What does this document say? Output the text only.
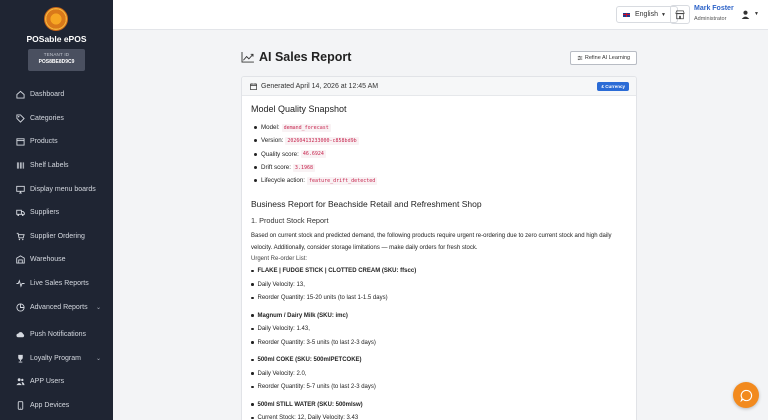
POSable ePOS
TENANT ID
POS8BE8D9C9
Dashboard
Categories
Products
Shelf Labels
Display menu boards
Suppliers
Supplier Ordering
Warehouse
Live Sales Reports
Advanced Reports ⌄
Push Notifications
Loyalty Program	⌄
APP Users
App Devices
English ▼
Mark Foster
Administrator
▼
AI Sales Report	Refine AI Learning
Generated April 14, 2026 at 12:45 AM	£ Currency
Model Quality Snapshot
Model: demand_forecast
Version: 20260413233000-c858bd9b
Quality score: 46.6924
Drift score: 3.1968
Lifecycle action: feature_drift_detected
Business Report for Beachside Retail and Refreshment Shop
1. Product Stock Report

Based on current stock and predicted demand, the following products require urgent re-ordering due to zero current stock and high daily velocity. Additionally, consider storage limitations — make daily orders for fresh stock.

Urgent Re-order List:
FLAKE | FUDGE STICK | CLOTTED CREAM (SKU: ffscc)
Daily Velocity: 13,
Reorder Quantity: 15-20 units (to last 1-1.5 days)
Magnum / Dairy Milk (SKU: imc)
Daily Velocity: 1.43,
Reorder Quantity: 3-5 units (to last 2-3 days)
500ml COKE (SKU: 500mlPETCOKE)
Daily Velocity: 2.0,
Reorder Quantity: 5-7 units (to last 2-3 days)
500ml STILL WATER (SKU: 500mlsw)
Current Stock: 12, Daily Velocity: 3.43
